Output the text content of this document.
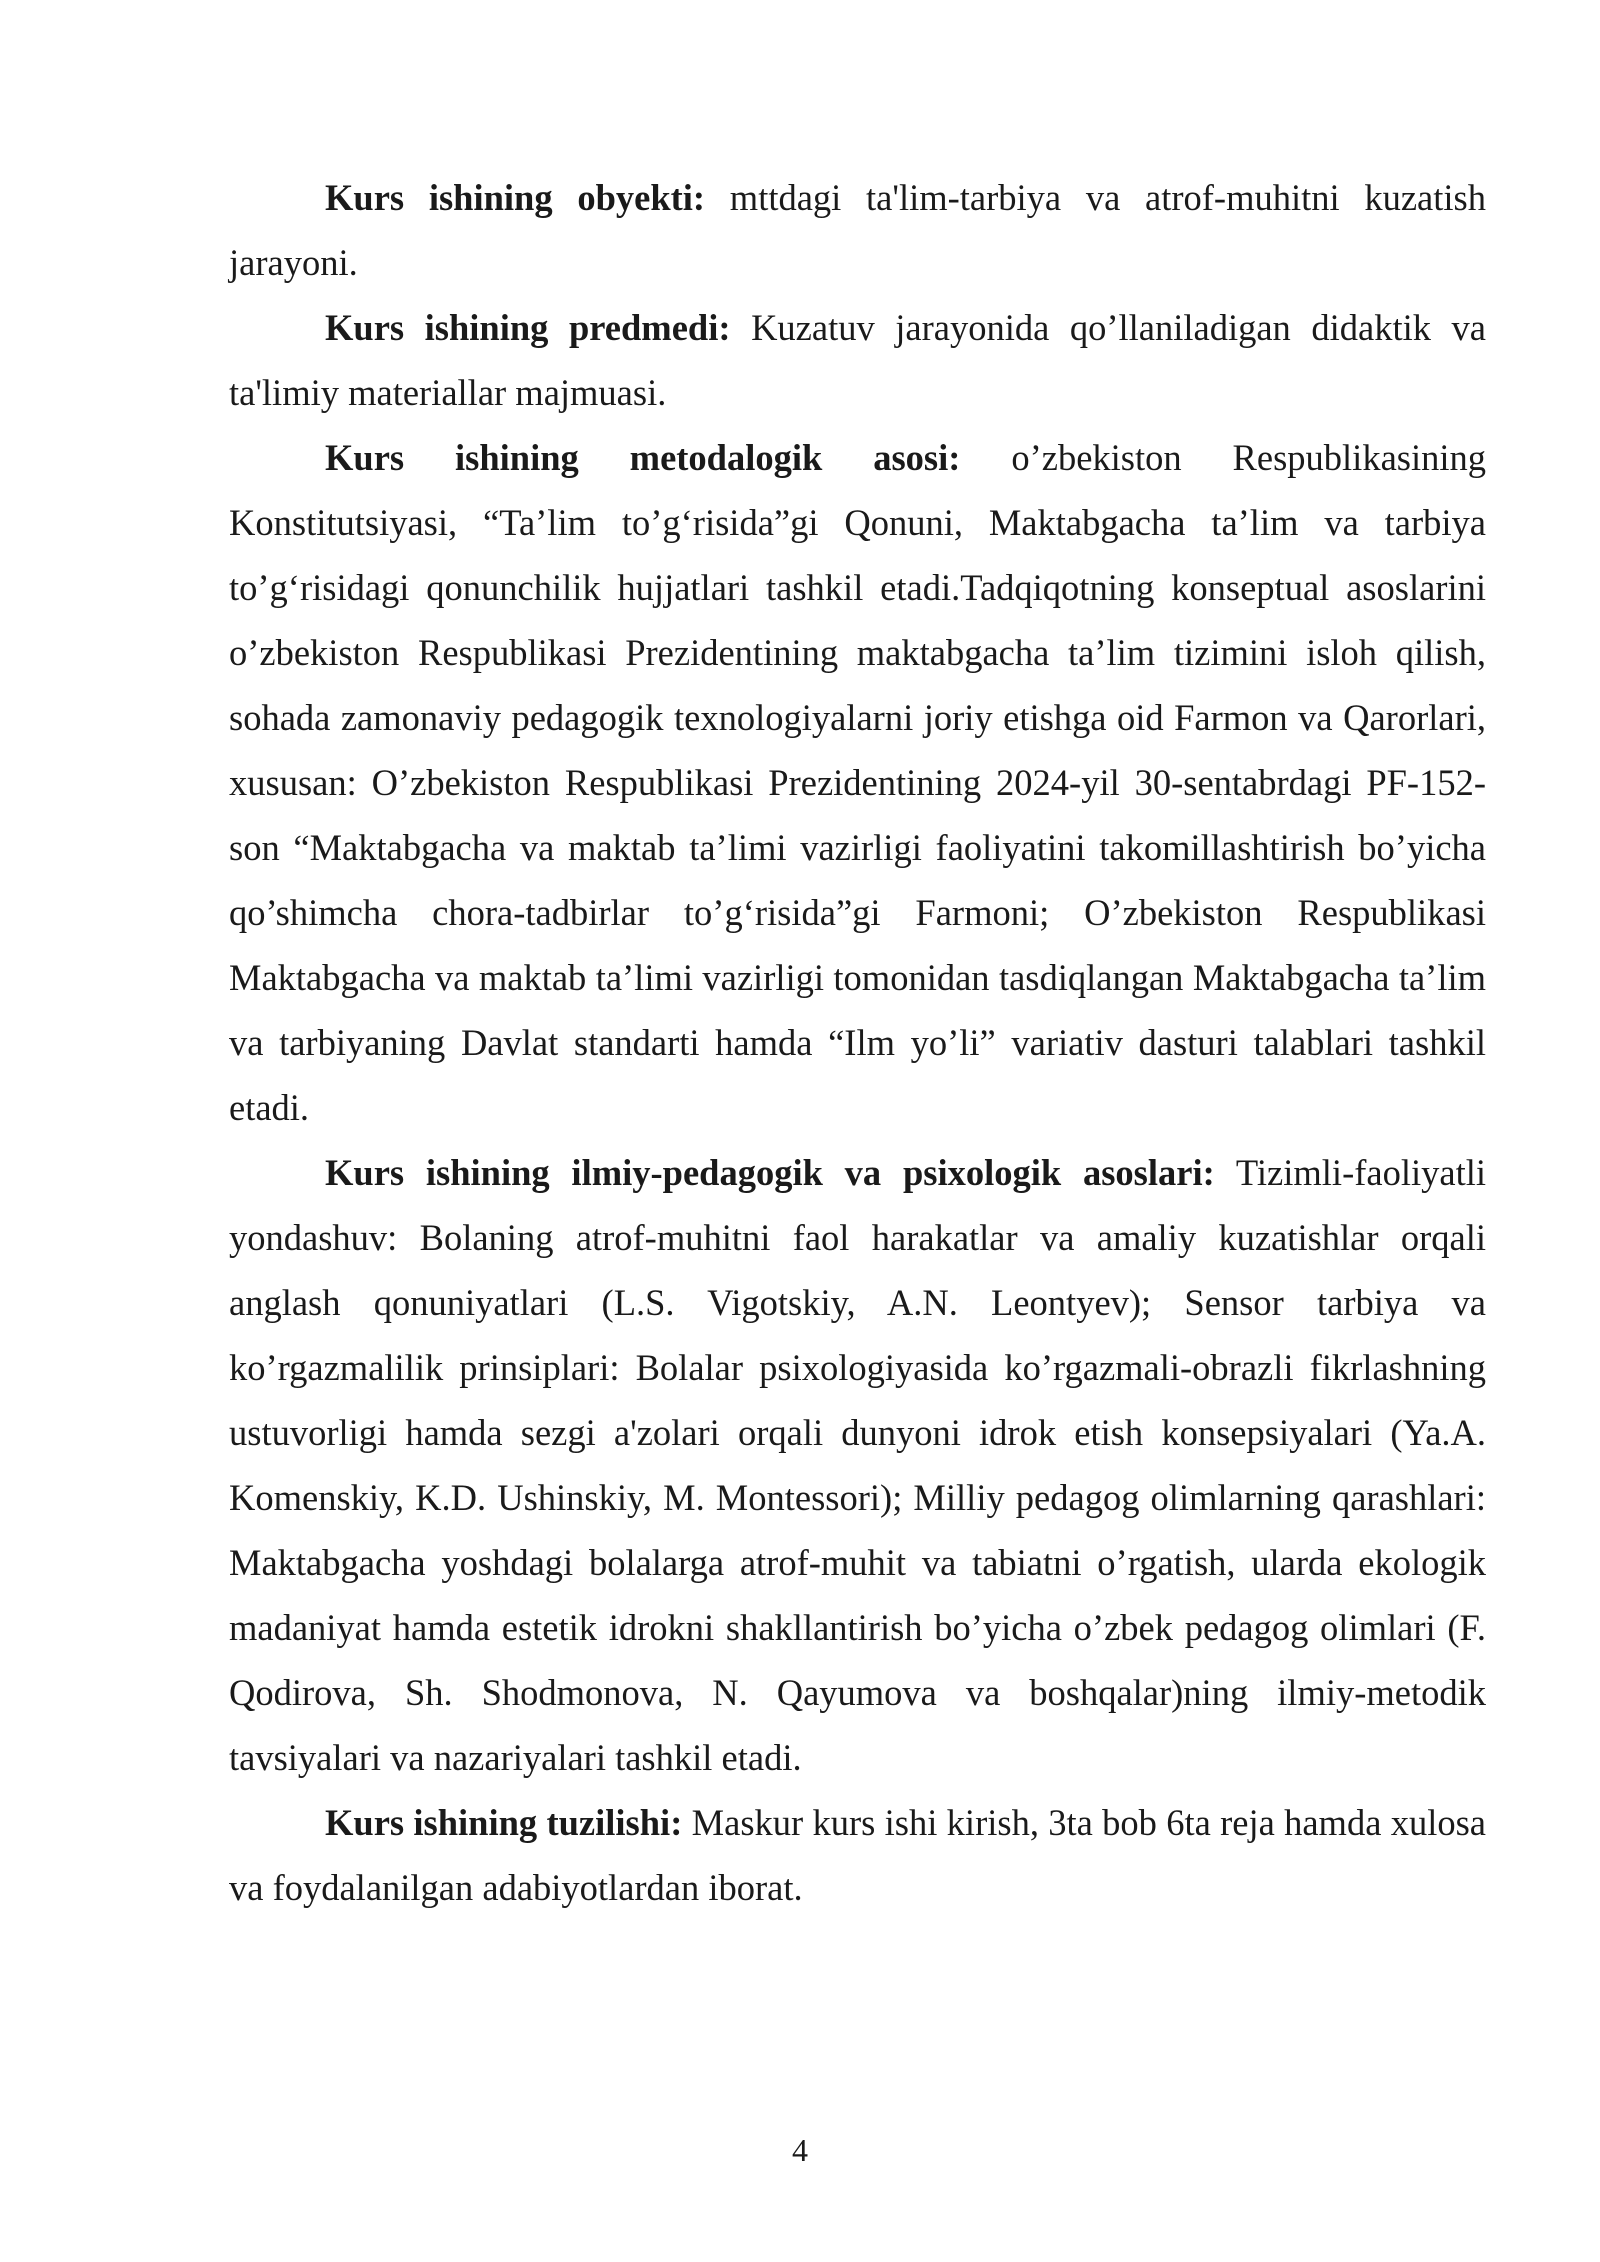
Kurs ishining obyekti: mttdagi ta'lim-tarbiya va atrof-muhitni kuzatish jarayoni.

Kurs ishining predmedi: Kuzatuv jarayonida qo’llaniladigan didaktik va ta'limiy materiallar majmuasi.

Kurs ishining metodalogik asosi: o’zbekiston Respublikasining Konstitutsiyasi, “Ta’lim to’g‘risida”gi Qonuni, Maktabgacha ta’lim va tarbiya to’g‘risidagi qonunchilik hujjatlari tashkil etadi.Tadqiqotning konseptual asoslarini o’zbekiston Respublikasi Prezidentining maktabgacha ta’lim tizimini isloh qilish, sohada zamonaviy pedagogik texnologiyalarni joriy etishga oid Farmon va Qarorlari, xususan: O’zbekiston Respublikasi Prezidentining 2024-yil 30-sentabrdagi PF-152-son “Maktabgacha va maktab ta’limi vazirligi faoliyatini takomillashtirish bo’yicha qo’shimcha chora-tadbirlar to’g‘risida”gi Farmoni; O’zbekiston Respublikasi Maktabgacha va maktab ta’limi vazirligi tomonidan tasdiqlangan Maktabgacha ta’lim va tarbiyaning Davlat standarti hamda “Ilm yo’li” variativ dasturi talablari tashkil etadi.

Kurs ishining ilmiy-pedagogik va psixologik asoslari: Tizimli-faoliyatli yondashuv: Bolaning atrof-muhitni faol harakatlar va amaliy kuzatishlar orqali anglash qonuniyatlari (L.S. Vigotskiy, A.N. Leontyev); Sensor tarbiya va ko’rgazmalilik prinsiplari: Bolalar psixologiyasida ko’rgazmali-obrazli fikrlashning ustuvorligi hamda sezgi a'zolari orqali dunyoni idrok etish konsepsiyalari (Ya.A. Komenskiy, K.D. Ushinskiy, M. Montessori); Milliy pedagog olimlarning qarashlari: Maktabgacha yoshdagi bolalarga atrof-muhit va tabiatni o’rgatish, ularda ekologik madaniyat hamda estetik idrokni shakllantirish bo’yicha o’zbek pedagog olimlari (F. Qodirova, Sh. Shodmonova, N. Qayumova va boshqalar)ning ilmiy-metodik tavsiyalari va nazariyalari tashkil etadi.

Kurs ishining tuzilishi: Maskur kurs ishi kirish, 3ta bob 6ta reja hamda xulosa va foydalanilgan adabiyotlardan iborat.

4
